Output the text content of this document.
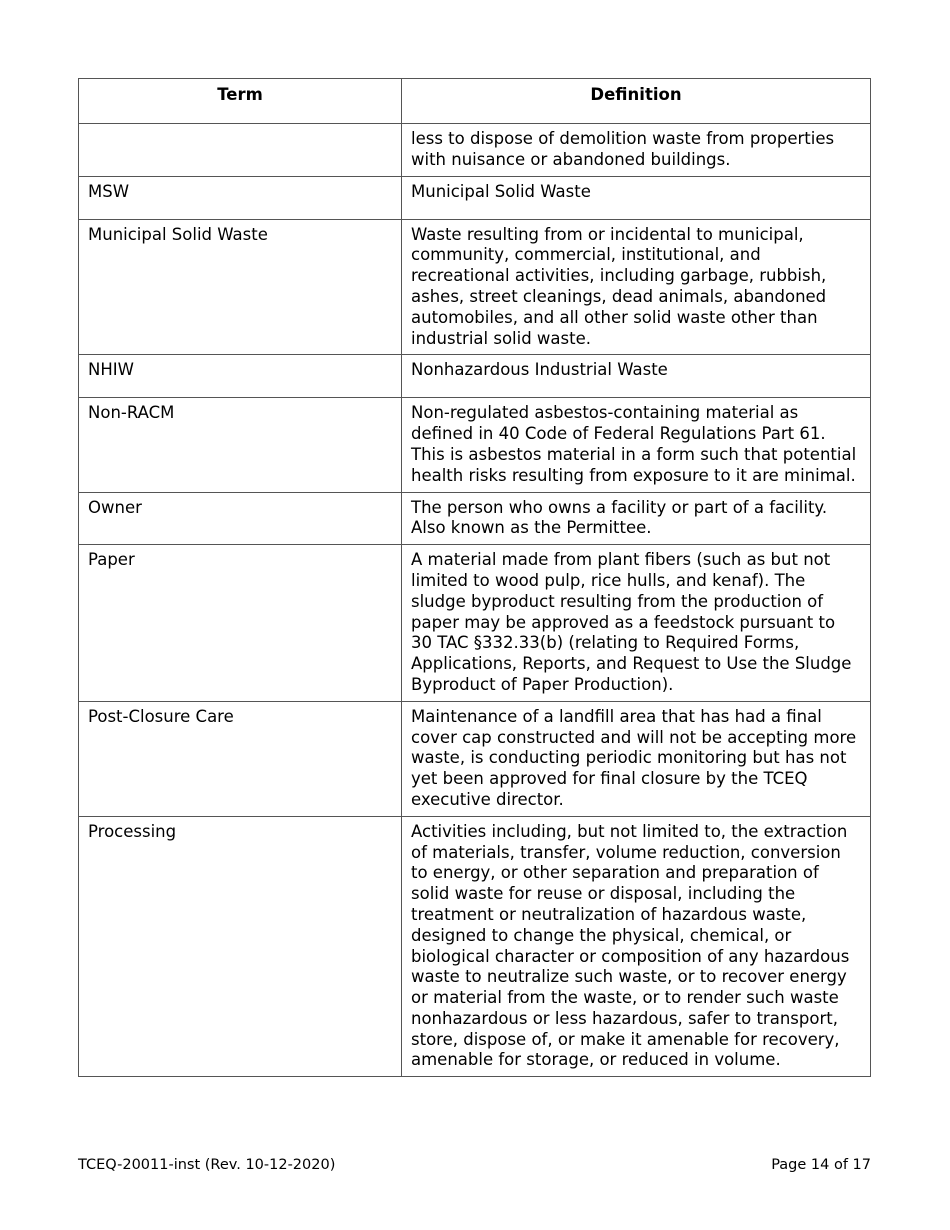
Term	Definition
	less to dispose of demolition waste from properties with nuisance or abandoned buildings.
MSW	Municipal Solid Waste
Municipal Solid Waste	Waste resulting from or incidental to municipal, community, commercial, institutional, and recreational activities, including garbage, rubbish, ashes, street cleanings, dead animals, abandoned automobiles, and all other solid waste other than industrial solid waste.
NHIW	Nonhazardous Industrial Waste
Non-RACM	Non-regulated asbestos-containing material as defined in 40 Code of Federal Regulations Part 61. This is asbestos material in a form such that potential health risks resulting from exposure to it are minimal.
Owner	The person who owns a facility or part of a facility. Also known as the Permittee.
Paper	A material made from plant fibers (such as but not limited to wood pulp, rice hulls, and kenaf). The sludge byproduct resulting from the production of paper may be approved as a feedstock pursuant to 30 TAC §332.33(b) (relating to Required Forms, Applications, Reports, and Request to Use the Sludge Byproduct of Paper Production).
Post-Closure Care	Maintenance of a landfill area that has had a final cover cap constructed and will not be accepting more waste, is conducting periodic monitoring but has not yet been approved for final closure by the TCEQ executive director.
Processing	Activities including, but not limited to, the extraction of materials, transfer, volume reduction, conversion to energy, or other separation and preparation of solid waste for reuse or disposal, including the treatment or neutralization of hazardous waste, designed to change the physical, chemical, or biological character or composition of any hazardous waste to neutralize such waste, or to recover energy or material from the waste, or to render such waste nonhazardous or less hazardous, safer to transport, store, dispose of, or make it amenable for recovery, amenable for storage, or reduced in volume.
TCEQ-20011-inst (Rev. 10-12-2020)	Page 14 of 17
